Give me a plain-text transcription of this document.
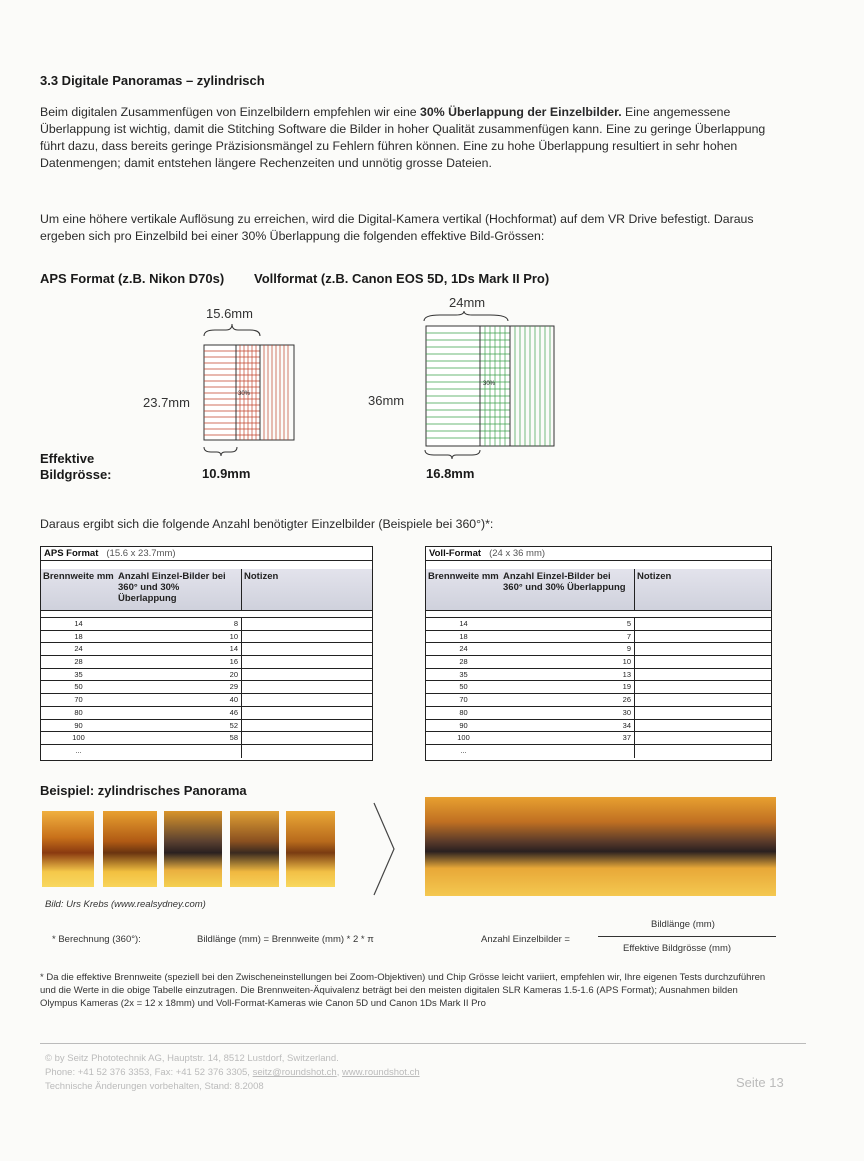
3.3 Digitale Panoramas – zylindrisch

Beim digitalen Zusammenfügen von Einzelbildern empfehlen wir eine 30% Überlappung der Einzelbilder. Eine angemessene Überlappung ist wichtig, damit die Stitching Software die Bilder in hoher Qualität zusammenfügen kann. Eine zu geringe Überlappung führt dazu, dass bereits geringe Präzisionsmängel zu Fehlern führen können. Eine zu hohe Überlappung resultiert in sehr hohen Datenmengen; damit entstehen längere Rechenzeiten und unnötig grosse Dateien.

Um eine höhere vertikale Auflösung zu erreichen, wird die Digital-Kamera vertikal (Hochformat) auf dem VR Drive befestigt. Daraus ergeben sich pro Einzelbild bei einer 30% Überlappung die folgenden effektive Bild-Grössen:

APS Format (z.B. Nikon D70s) Vollformat (z.B. Canon EOS 5D, 1Ds Mark II Pro)
15.6mm
30%
23.7mm
10.9mm
Effektive
Bildgrösse:
24mm
30%
36mm
16.8mm

Daraus ergibt sich die folgende Anzahl benötigter Einzelbilder (Beispiele bei 360°)*:

APS Format (15.6 x 23.7mm)
Brennweite mm Anzahl Einzel-Bilder bei 360° und 30% Überlappung
Notizen
14	8
18	10
24	14
28	16
35	20
50	29
70	40
80	46
90	52
100	58
...
Voll-Format (24 x 36 mm)
Brennweite mm Anzahl Einzel-Bilder bei 360° und 30% Überlappung
Notizen
14	5
18	7
24	9
28	10
35	13
50	19
70	26
80	30
90	34
100	37
...
Beispiel: zylindrisches Panorama
Bild: Urs Krebs (www.realsydney.com)
* Berechnung (360°):	Bildlänge (mm) = Brennweite (mm) * 2 * π	Anzahl Einzelbilder =
Bildlänge (mm)
Effektive Bildgrösse (mm)

* Da die effektive Brennweite (speziell bei den Zwischeneinstellungen bei Zoom-Objektiven) und Chip Grösse leicht variiert, empfehlen wir, Ihre eigenen Tests durchzuführen und die Werte in die obige Tabelle einzutragen. Die Brennweiten-Äquivalenz beträgt bei den meisten digitalen SLR Kameras 1.5-1.6 (APS Format); Ausnahmen bilden Olympus Kameras (2x = 12 x 18mm) und Voll-Format-Kameras wie Canon 5D und Canon 1Ds Mark II Pro

© by Seitz Phototechnik AG, Hauptstr. 14, 8512 Lustdorf, Switzerland.
Phone: +41 52 376 3353, Fax: +41 52 376 3305, seitz@roundshot.ch, www.roundshot.ch
Technische Änderungen vorbehalten, Stand: 8.2008	Seite 13
